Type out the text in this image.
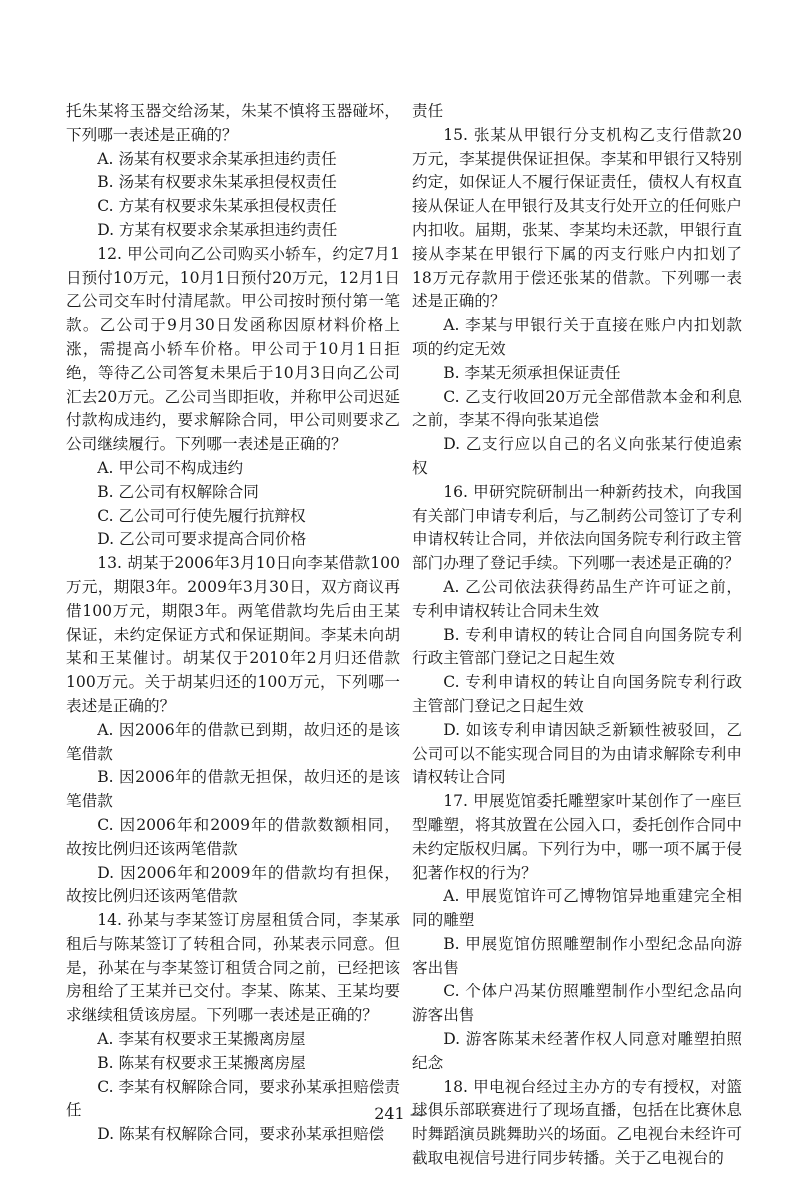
托朱某将玉器交给汤某，朱某不慎将玉器碰坏，下列哪一表述是正确的？

A. 汤某有权要求余某承担违约责任

B. 汤某有权要求朱某承担侵权责任

C. 方某有权要求朱某承担侵权责任

D. 方某有权要求余某承担违约责任

12. 甲公司向乙公司购买小轿车，约定7月1日预付10万元，10月1日预付20万元，12月1日乙公司交车时付清尾款。甲公司按时预付第一笔款。乙公司于9月30日发函称因原材料价格上涨，需提高小轿车价格。甲公司于10月1日拒绝，等待乙公司答复未果后于10月3日向乙公司汇去20万元。乙公司当即拒收，并称甲公司迟延付款构成违约，要求解除合同，甲公司则要求乙公司继续履行。下列哪一表述是正确的？

A. 甲公司不构成违约

B. 乙公司有权解除合同

C. 乙公司可行使先履行抗辩权

D. 乙公司可要求提高合同价格

13. 胡某于2006年3月10日向李某借款100万元，期限3年。2009年3月30日，双方商议再借100万元，期限3年。两笔借款均先后由王某保证，未约定保证方式和保证期间。李某未向胡某和王某催讨。胡某仅于2010年2月归还借款100万元。关于胡某归还的100万元，下列哪一表述是正确的？

A. 因2006年的借款已到期，故归还的是该笔借款

B. 因2006年的借款无担保，故归还的是该笔借款

C. 因2006年和2009年的借款数额相同，故按比例归还该两笔借款

D. 因2006年和2009年的借款均有担保，故按比例归还该两笔借款

14. 孙某与李某签订房屋租赁合同，李某承租后与陈某签订了转租合同，孙某表示同意。但是，孙某在与李某签订租赁合同之前，已经把该房租给了王某并已交付。李某、陈某、王某均要求继续租赁该房屋。下列哪一表述是正确的？

A. 李某有权要求王某搬离房屋

B. 陈某有权要求王某搬离房屋

C. 李某有权解除合同，要求孙某承担赔偿责任

D. 陈某有权解除合同，要求孙某承担赔偿

责任

15. 张某从甲银行分支机构乙支行借款20万元，李某提供保证担保。李某和甲银行又特别约定，如保证人不履行保证责任，债权人有权直接从保证人在甲银行及其支行处开立的任何账户内扣收。届期，张某、李某均未还款，甲银行直接从李某在甲银行下属的丙支行账户内扣划了18万元存款用于偿还张某的借款。下列哪一表述是正确的？

A. 李某与甲银行关于直接在账户内扣划款项的约定无效

B. 李某无须承担保证责任

C. 乙支行收回20万元全部借款本金和利息之前，李某不得向张某追偿

D. 乙支行应以自己的名义向张某行使追索权

16. 甲研究院研制出一种新药技术，向我国有关部门申请专利后，与乙制药公司签订了专利申请权转让合同，并依法向国务院专利行政主管部门办理了登记手续。下列哪一表述是正确的？

A. 乙公司依法获得药品生产许可证之前，专利申请权转让合同未生效

B. 专利申请权的转让合同自向国务院专利行政主管部门登记之日起生效

C. 专利申请权的转让自向国务院专利行政主管部门登记之日起生效

D. 如该专利申请因缺乏新颖性被驳回，乙公司可以不能实现合同目的为由请求解除专利申请权转让合同

17. 甲展览馆委托雕塑家叶某创作了一座巨型雕塑，将其放置在公园入口，委托创作合同中未约定版权归属。下列行为中，哪一项不属于侵犯著作权的行为？

A. 甲展览馆许可乙博物馆异地重建完全相同的雕塑

B. 甲展览馆仿照雕塑制作小型纪念品向游客出售

C. 个体户冯某仿照雕塑制作小型纪念品向游客出售

D. 游客陈某未经著作权人同意对雕塑拍照纪念

18. 甲电视台经过主办方的专有授权，对篮球俱乐部联赛进行了现场直播，包括在比赛休息时舞蹈演员跳舞助兴的场面。乙电视台未经许可截取电视信号进行同步转播。关于乙电视台的

241 —
